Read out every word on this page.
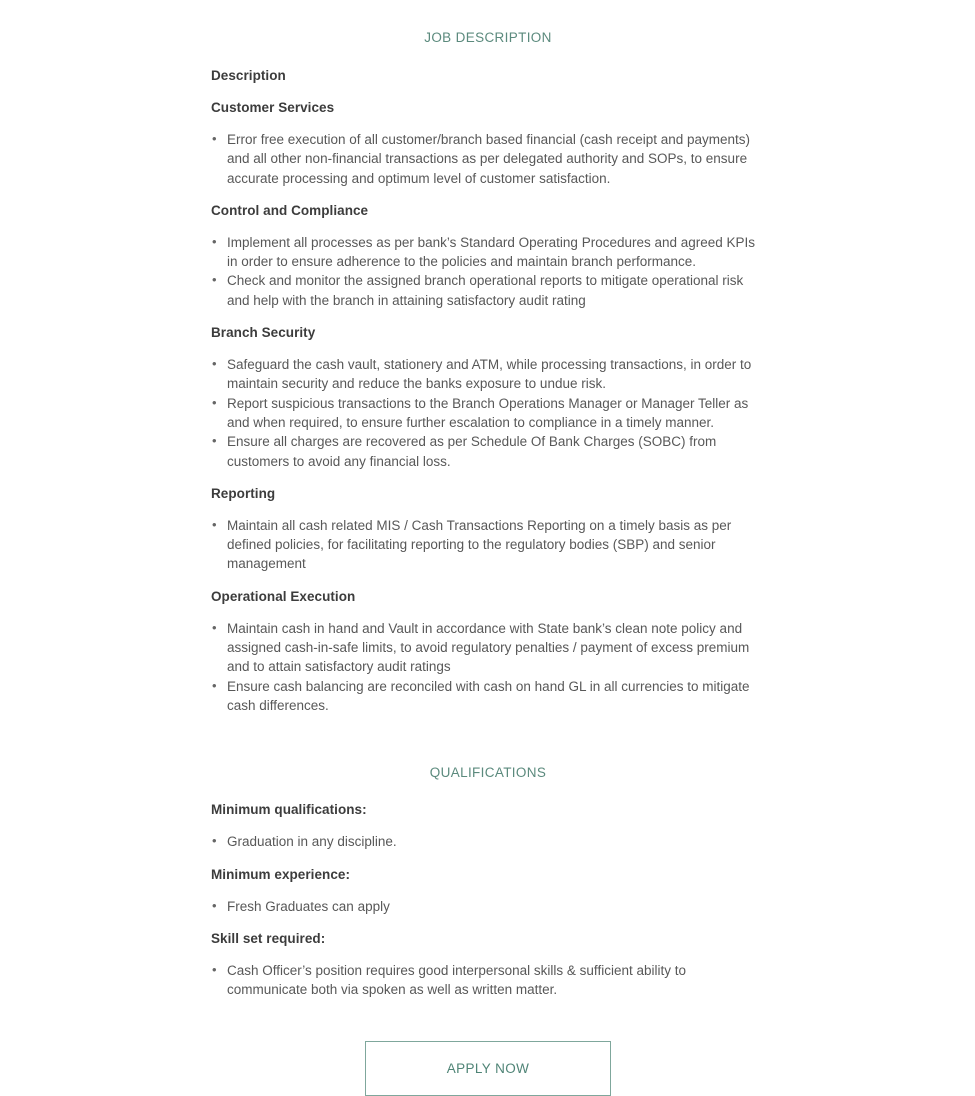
JOB DESCRIPTION
Description
Customer Services
• Error free execution of all customer/branch based financial (cash receipt and payments) and all other non-financial transactions as per delegated authority and SOPs, to ensure accurate processing and optimum level of customer satisfaction.
Control and Compliance
• Implement all processes as per bank’s Standard Operating Procedures and agreed KPIs in order to ensure adherence to the policies and maintain branch performance.
• Check and monitor the assigned branch operational reports to mitigate operational risk and help with the branch in attaining satisfactory audit rating
Branch Security
• Safeguard the cash vault, stationery and ATM, while processing transactions, in order to maintain security and reduce the banks exposure to undue risk.
• Report suspicious transactions to the Branch Operations Manager or Manager Teller as and when required, to ensure further escalation to compliance in a timely manner.
• Ensure all charges are recovered as per Schedule Of Bank Charges (SOBC) from customers to avoid any financial loss.
Reporting
• Maintain all cash related MIS / Cash Transactions Reporting on a timely basis as per defined policies, for facilitating reporting to the regulatory bodies (SBP) and senior management
Operational Execution
• Maintain cash in hand and Vault in accordance with State bank’s clean note policy and assigned cash-in-safe limits, to avoid regulatory penalties / payment of excess premium and to attain satisfactory audit ratings
• Ensure cash balancing are reconciled with cash on hand GL in all currencies to mitigate cash differences.
QUALIFICATIONS
Minimum qualifications:
• Graduation in any discipline.
Minimum experience:
• Fresh Graduates can apply
Skill set required:
• Cash Officer’s position requires good interpersonal skills & sufficient ability to communicate both via spoken as well as written matter.
APPLY NOW
